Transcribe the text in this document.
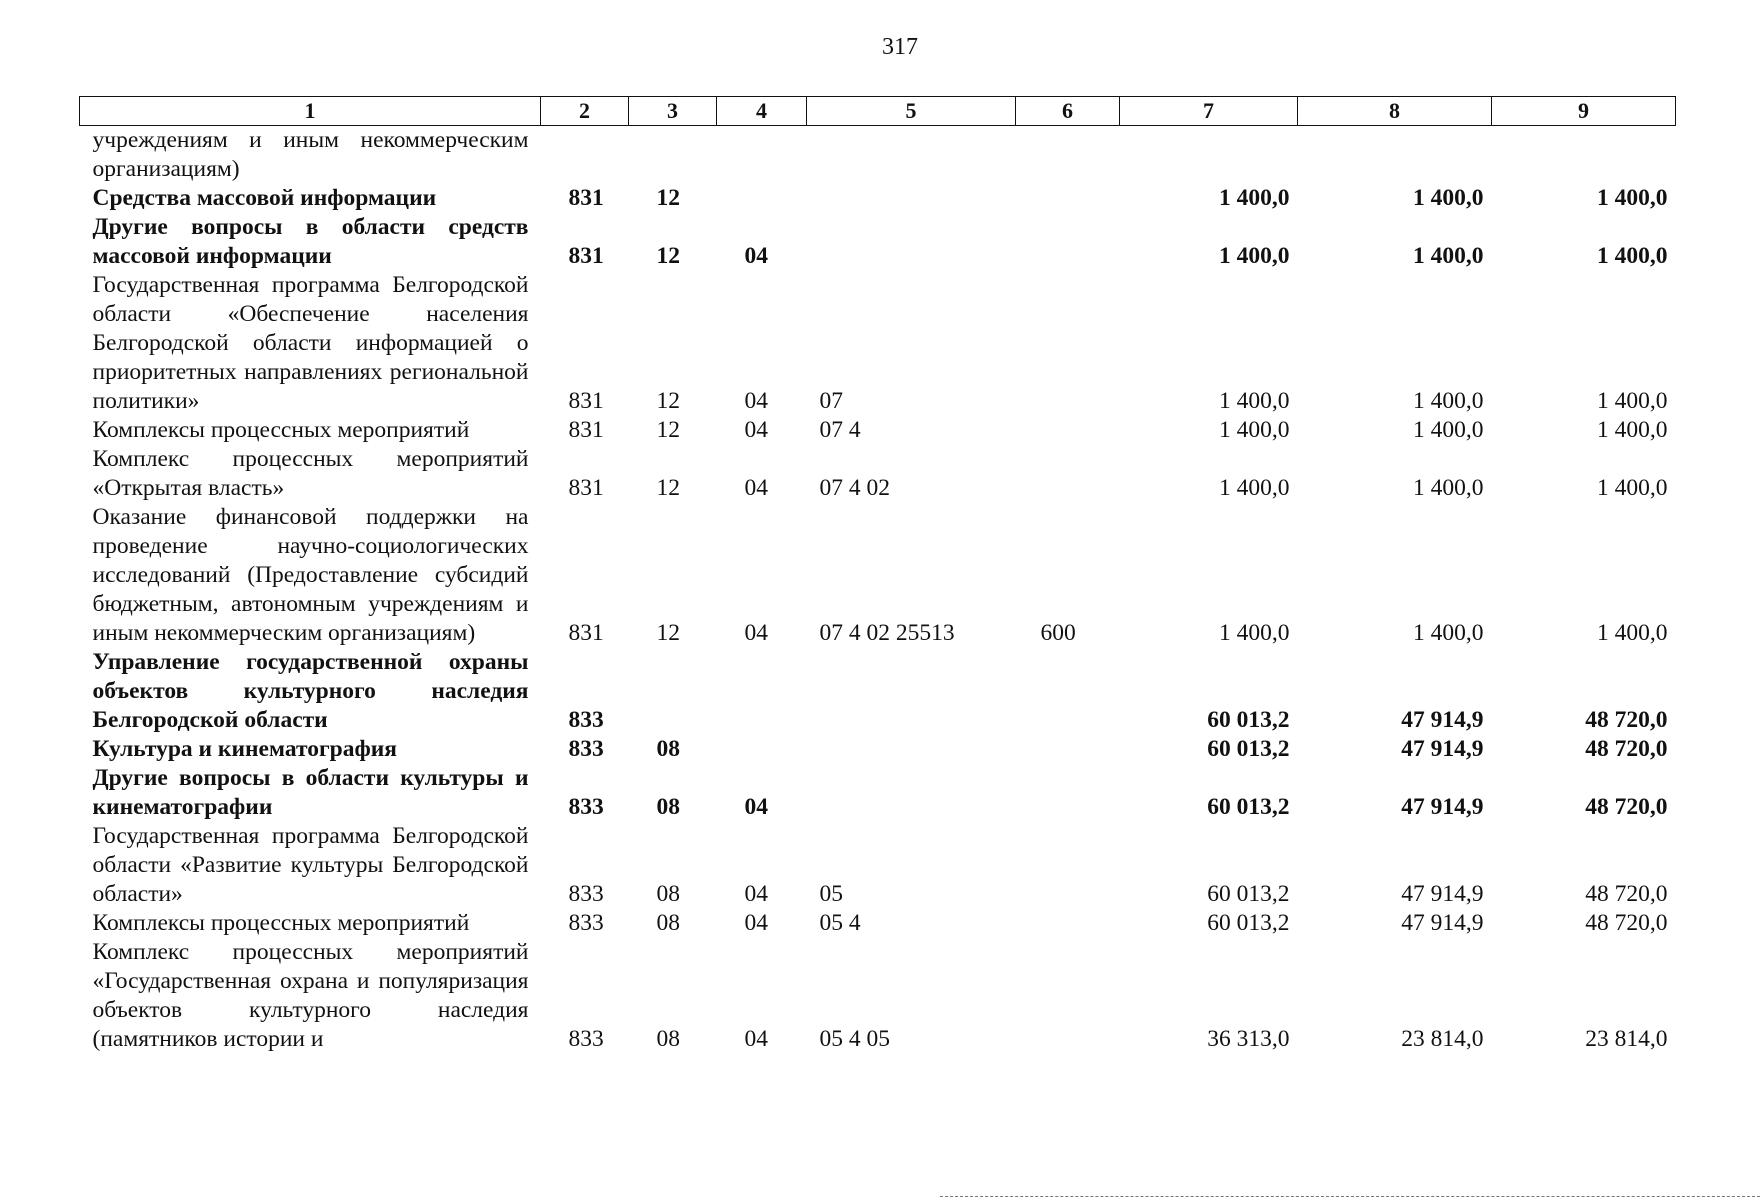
317
1	2	3	4	5	6	7	8	9
учреждениям и иным некоммерческим организациям)								
Средства массовой информации	831	12				1 400,0	1 400,0	1 400,0
Другие вопросы в области средств массовой информации	831	12	04			1 400,0	1 400,0	1 400,0
Государственная программа Белгородской области «Обеспечение населения Белгородской области информацией о приоритетных направлениях региональной политики»	831	12	04	07		1 400,0	1 400,0	1 400,0
Комплексы процессных мероприятий	831	12	04	07 4		1 400,0	1 400,0	1 400,0
Комплекс процессных мероприятий «Открытая власть»	831	12	04	07 4 02		1 400,0	1 400,0	1 400,0
Оказание финансовой поддержки на проведение научно-социологических исследований (Предоставление субсидий бюджетным, автономным учреждениям и иным некоммерческим организациям)	831	12	04	07 4 02 25513	600	1 400,0	1 400,0	1 400,0
Управление государственной охраны объектов культурного наследия Белгородской области	833					60 013,2	47 914,9	48 720,0
Культура и кинематография	833	08				60 013,2	47 914,9	48 720,0
Другие вопросы в области культуры и кинематографии	833	08	04			60 013,2	47 914,9	48 720,0
Государственная программа Белгородской области «Развитие культуры Белгородской области»	833	08	04	05		60 013,2	47 914,9	48 720,0
Комплексы процессных мероприятий	833	08	04	05 4		60 013,2	47 914,9	48 720,0
Комплекс процессных мероприятий «Государственная охрана и популяризация объектов культурного наследия (памятников истории и	833	08	04	05 4 05		36 313,0	23 814,0	23 814,0
